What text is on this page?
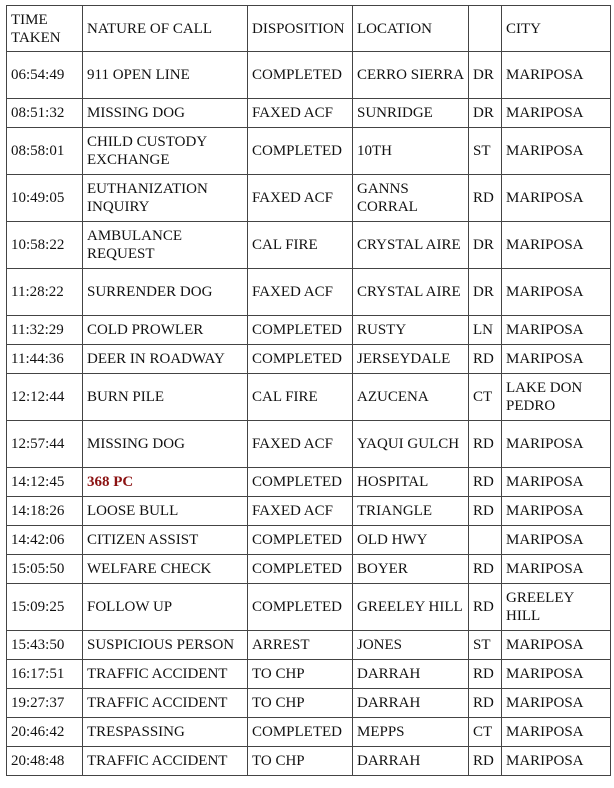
TIME TAKEN	NATURE OF CALL	DISPOSITION	LOCATION		CITY
06:54:49	911 OPEN LINE	COMPLETED	CERRO SIERRA	DR	MARIPOSA
08:51:32	MISSING DOG	FAXED ACF	SUNRIDGE	DR	MARIPOSA
08:58:01	CHILD CUSTODY EXCHANGE	COMPLETED	10TH	ST	MARIPOSA
10:49:05	EUTHANIZATION INQUIRY	FAXED ACF	GANNS CORRAL	RD	MARIPOSA
10:58:22	AMBULANCE REQUEST	CAL FIRE	CRYSTAL AIRE	DR	MARIPOSA
11:28:22	SURRENDER DOG	FAXED ACF	CRYSTAL AIRE	DR	MARIPOSA
11:32:29	COLD PROWLER	COMPLETED	RUSTY	LN	MARIPOSA
11:44:36	DEER IN ROADWAY	COMPLETED	JERSEYDALE	RD	MARIPOSA
12:12:44	BURN PILE	CAL FIRE	AZUCENA	CT	LAKE DON PEDRO
12:57:44	MISSING DOG	FAXED ACF	YAQUI GULCH	RD	MARIPOSA
14:12:45	368 PC	COMPLETED	HOSPITAL	RD	MARIPOSA
14:18:26	LOOSE BULL	FAXED ACF	TRIANGLE	RD	MARIPOSA
14:42:06	CITIZEN ASSIST	COMPLETED	OLD HWY		MARIPOSA
15:05:50	WELFARE CHECK	COMPLETED	BOYER	RD	MARIPOSA
15:09:25	FOLLOW UP	COMPLETED	GREELEY HILL	RD	GREELEY HILL
15:43:50	SUSPICIOUS PERSON	ARREST	JONES	ST	MARIPOSA
16:17:51	TRAFFIC ACCIDENT	TO CHP	DARRAH	RD	MARIPOSA
19:27:37	TRAFFIC ACCIDENT	TO CHP	DARRAH	RD	MARIPOSA
20:46:42	TRESPASSING	COMPLETED	MEPPS	CT	MARIPOSA
20:48:48	TRAFFIC ACCIDENT	TO CHP	DARRAH	RD	MARIPOSA
